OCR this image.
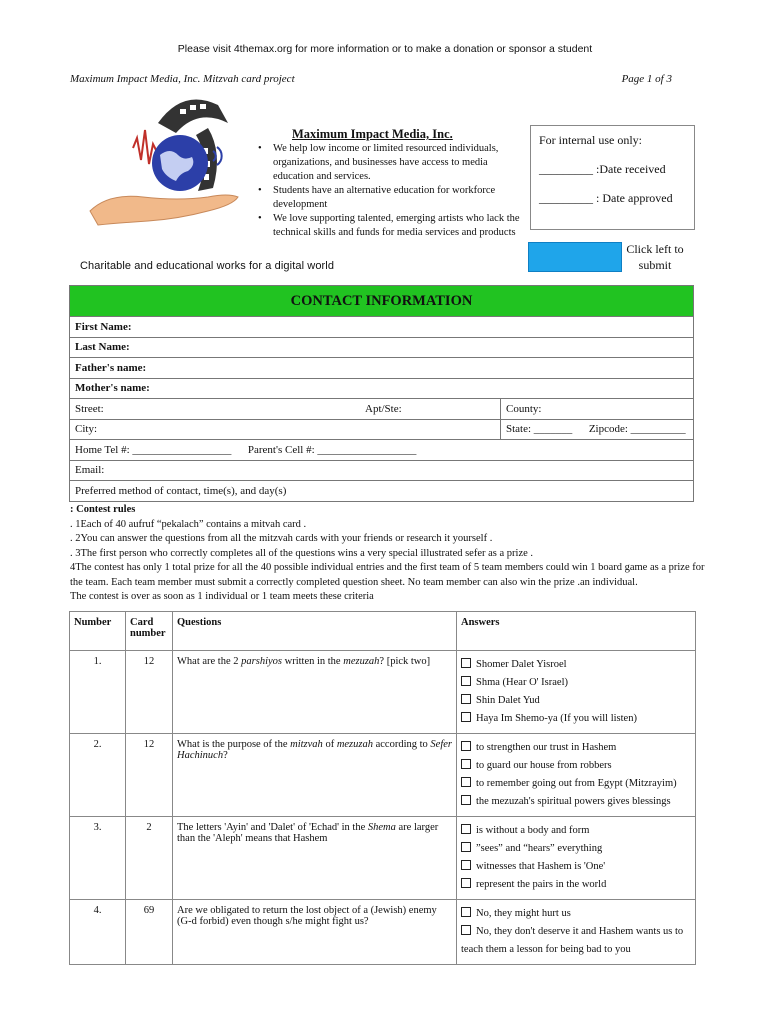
Please visit 4themax.org for more information or to make a donation or sponsor a student
Maximum Impact Media, Inc. Mitzvah card project	Page 1 of 3
Maximum Impact Media, Inc.
• We help low income or limited resourced individuals, organizations, and businesses have access to media education and services.
• Students have an alternative education for workforce development
• We love supporting talented, emerging artists who lack the technical skills and funds for media services and products
Charitable and educational works for a digital world
For internal use only:
_________ :Date received
_________ : Date approved
Click left to submit
CONTACT INFORMATION		
First Name:		
Last Name:		
Father's name:		
Mother's name:		
Street:	Apt/Ste:	County:
City:		State: _______ Zipcode: __________
Home Tel #: __________________ Parent's Cell #: __________________		
Email:		
Preferred method of contact, time(s), and day(s)		
: Contest rules
. 1Each of 40 aufruf “pekalach” contains a mitvah card .
. 2You can answer the questions from all the mitzvah cards with your friends or research it yourself .
. 3The first person who correctly completes all of the questions wins a very special illustrated sefer as a prize .
4The contest has only 1 total prize for all the 40 possible individual entries and the first team of 5 team members could win 1 board game as a prize for the team. Each team member must submit a correctly completed question sheet. No team member can also win the prize .an individual.
The contest is over as soon as 1 individual or 1 team meets these criteria
Number	Card number	Questions	Answers
1.	12	What are the 2 parshiyos written in the mezuzah? [pick two]	Shomer Dalet Yisroel
Shma (Hear O' Israel)
Shin Dalet Yud
Haya Im Shemo-ya (If you will listen)

2.	12	What is the purpose of the mitzvah of mezuzah according to Sefer Hachinuch?	to strengthen our trust in Hashem
to guard our house from robbers
to remember going out from Egypt (Mitzrayim)
the mezuzah's spiritual powers gives blessings

3.	2	The letters 'Ayin' and 'Dalet' of 'Echad' in the Shema are larger than the 'Aleph' means that Hashem	is without a body and form
”sees” and “hears” everything
witnesses that Hashem is 'One'
represent the pairs in the world

4.	69	Are we obligated to return the lost object of a (Jewish) enemy (G-d forbid) even though s/he might fight us?	No, they might hurt us
No, they don't deserve it and Hashem wants us to teach them a lesson for being bad to you
